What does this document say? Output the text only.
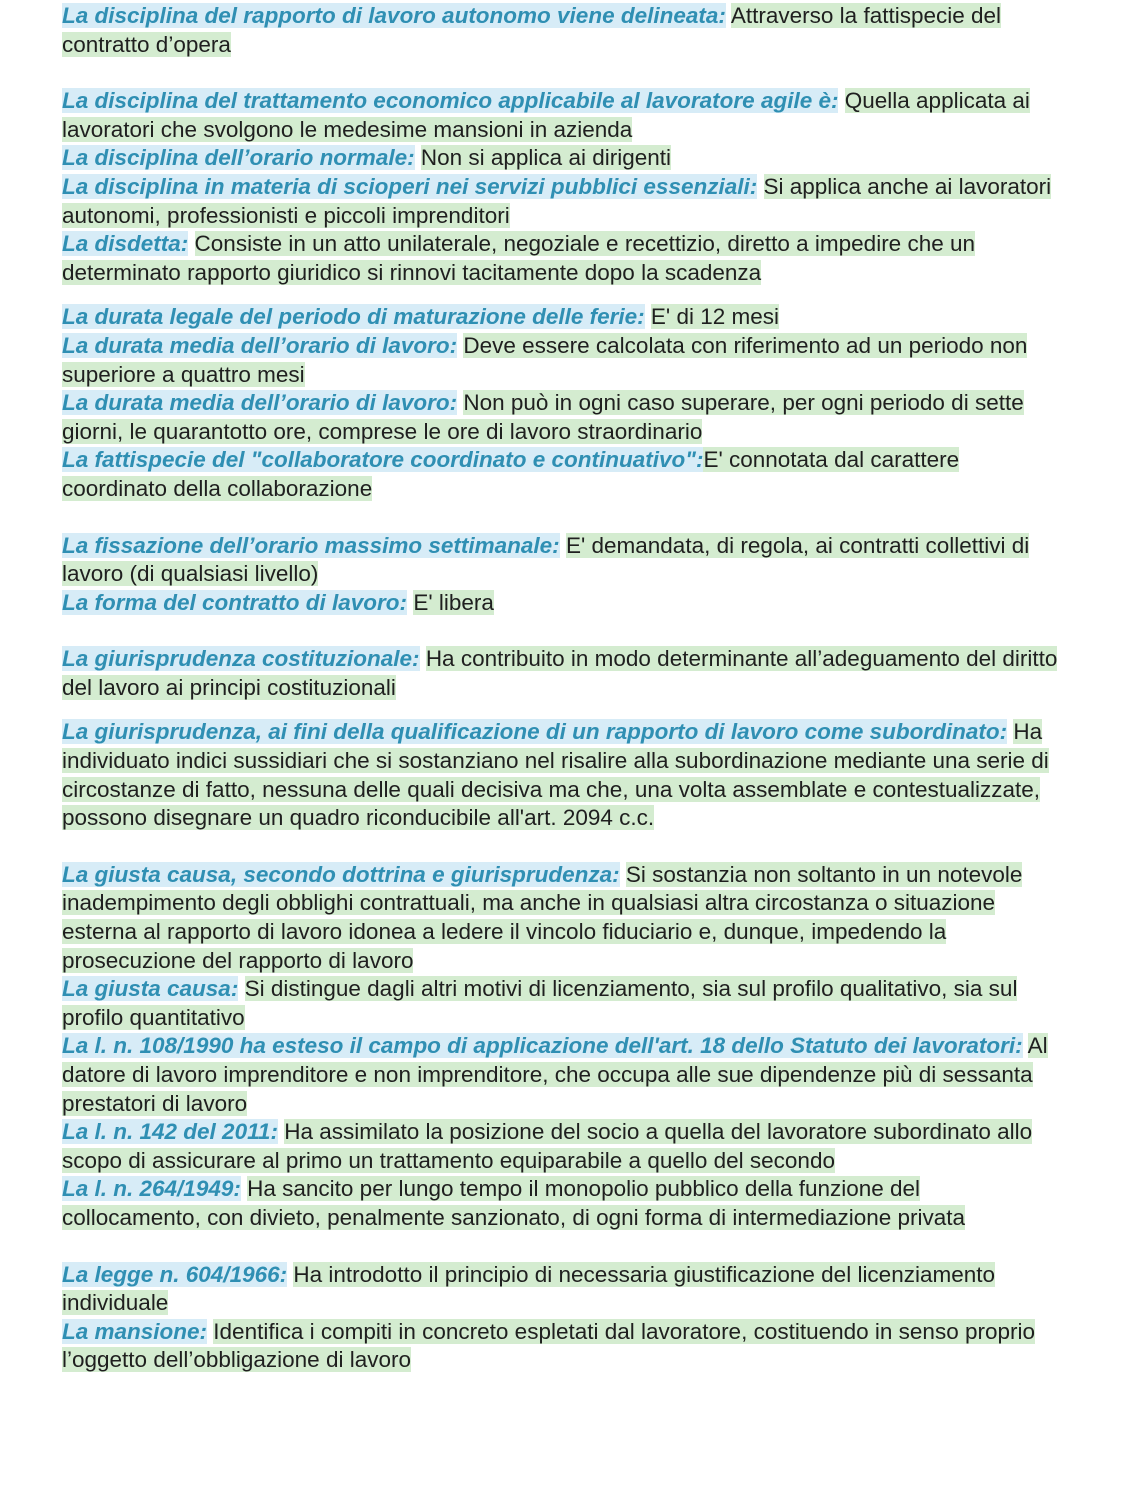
La disciplina del rapporto di lavoro autonomo viene delineata: Attraverso la fattispecie del contratto d’opera

La disciplina del trattamento economico applicabile al lavoratore agile è: Quella applicata ai lavoratori che svolgono le medesime mansioni in azienda

La disciplina dell’orario normale: Non si applica ai dirigenti

La disciplina in materia di scioperi nei servizi pubblici essenziali: Si applica anche ai lavoratori autonomi, professionisti e piccoli imprenditori

La disdetta: Consiste in un atto unilaterale, negoziale e recettizio, diretto a impedire che un determinato rapporto giuridico si rinnovi tacitamente dopo la scadenza

La durata legale del periodo di maturazione delle ferie: E' di 12 mesi

La durata media dell’orario di lavoro: Deve essere calcolata con riferimento ad un periodo non superiore a quattro mesi

La durata media dell’orario di lavoro: Non può in ogni caso superare, per ogni periodo di sette giorni, le quarantotto ore, comprese le ore di lavoro straordinario

La fattispecie del "collaboratore coordinato e continuativo":E' connotata dal carattere coordinato della collaborazione

La fissazione dell’orario massimo settimanale: E' demandata, di regola, ai contratti collettivi di lavoro (di qualsiasi livello)

La forma del contratto di lavoro: E' libera

La giurisprudenza costituzionale: Ha contribuito in modo determinante all’adeguamento del diritto del lavoro ai principi costituzionali

La giurisprudenza, ai fini della qualificazione di un rapporto di lavoro come subordinato: Ha individuato indici sussidiari che si sostanziano nel risalire alla subordinazione mediante una serie di circostanze di fatto, nessuna delle quali decisiva ma che, una volta assemblate e contestualizzate, possono disegnare un quadro riconducibile all'art. 2094 c.c.

La giusta causa, secondo dottrina e giurisprudenza: Si sostanzia non soltanto in un notevole inadempimento degli obblighi contrattuali, ma anche in qualsiasi altra circostanza o situazione esterna al rapporto di lavoro idonea a ledere il vincolo fiduciario e, dunque, impedendo la prosecuzione del rapporto di lavoro

La giusta causa: Si distingue dagli altri motivi di licenziamento, sia sul profilo qualitativo, sia sul profilo quantitativo

La l. n. 108/1990 ha esteso il campo di applicazione dell'art. 18 dello Statuto dei lavoratori: Al datore di lavoro imprenditore e non imprenditore, che occupa alle sue dipendenze più di sessanta prestatori di lavoro

La l. n. 142 del 2011: Ha assimilato la posizione del socio a quella del lavoratore subordinato allo scopo di assicurare al primo un trattamento equiparabile a quello del secondo

La l. n. 264/1949: Ha sancito per lungo tempo il monopolio pubblico della funzione del collocamento, con divieto, penalmente sanzionato, di ogni forma di intermediazione privata

La legge n. 604/1966: Ha introdotto il principio di necessaria giustificazione del licenziamento individuale

La mansione: Identifica i compiti in concreto espletati dal lavoratore, costituendo in senso proprio l’oggetto dell’obbligazione di lavoro
